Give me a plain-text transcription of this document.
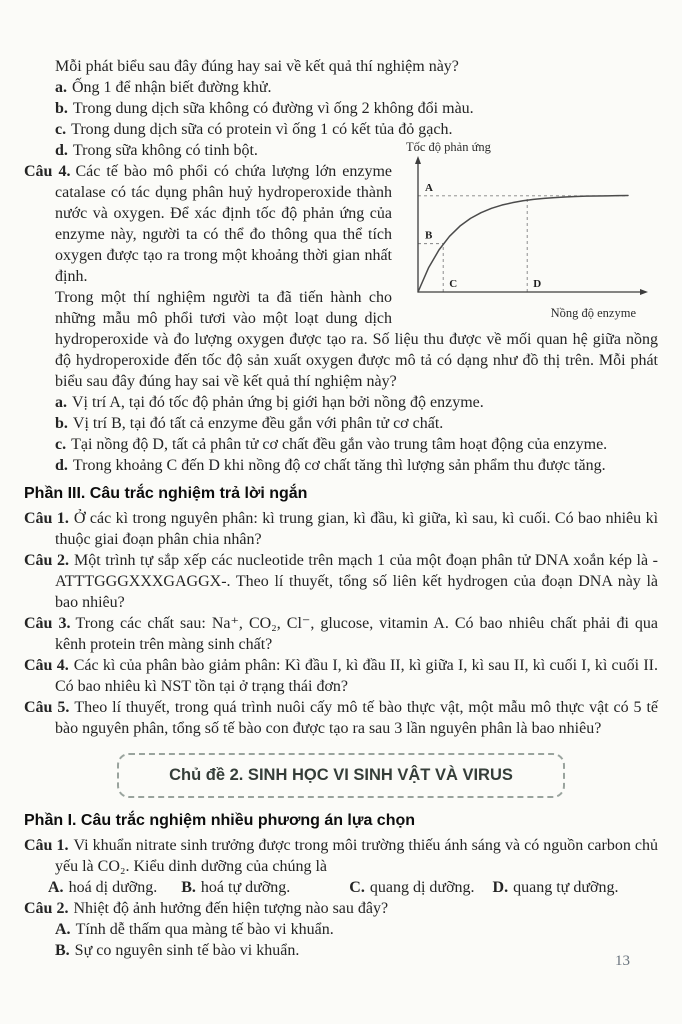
Mỗi phát biểu sau đây đúng hay sai về kết quả thí nghiệm này?
a. Ống 1 để nhận biết đường khử.
b. Trong dung dịch sữa không có đường vì ống 2 không đổi màu.
c. Trong dung dịch sữa có protein vì ống 1 có kết tủa đỏ gạch.
Tốc độ phản ứng
A
B
C	D
Nồng độ enzyme
d. Trong sữa không có tinh bột.

Câu 4. Các tế bào mô phổi có chứa lượng lớn enzyme catalase có tác dụng phân huỷ hydroperoxide thành nước và oxygen. Để xác định tốc độ phản ứng của enzyme này, người ta có thể đo thông qua thể tích oxygen được tạo ra trong một khoảng thời gian nhất định.

Trong một thí nghiệm người ta đã tiến hành cho những mẫu mô phổi tươi vào một loạt dung dịch hydroperoxide và đo lượng oxygen được tạo ra. Số liệu thu được về mối quan hệ giữa nồng độ hydroperoxide đến tốc độ sản xuất oxygen được mô tả có dạng như đồ thị trên. Mỗi phát biểu sau đây đúng hay sai về kết quả thí nghiệm này?

a. Vị trí A, tại đó tốc độ phản ứng bị giới hạn bởi nồng độ enzyme.
b. Vị trí B, tại đó tất cả enzyme đều gắn với phân tử cơ chất.
c. Tại nồng độ D, tất cả phân tử cơ chất đều gắn vào trung tâm hoạt động của enzyme.
d. Trong khoảng C đến D khi nồng độ cơ chất tăng thì lượng sản phẩm thu được tăng.
Phần III. Câu trắc nghiệm trả lời ngắn
Câu 1. Ở các kì trong nguyên phân: kì trung gian, kì đầu, kì giữa, kì sau, kì cuối. Có bao nhiêu kì thuộc giai đoạn phân chia nhân?
Câu 2. Một trình tự sắp xếp các nucleotide trên mạch 1 của một đoạn phân tử DNA xoắn kép là -ATTTGGGXXXGAGGX-. Theo lí thuyết, tổng số liên kết hydrogen của đoạn DNA này là bao nhiêu?
Câu 3. Trong các chất sau: Na⁺, CO₂, Cl⁻, glucose, vitamin A. Có bao nhiêu chất phải đi qua kênh protein trên màng sinh chất?
Câu 4. Các kì của phân bào giảm phân: Kì đầu I, kì đầu II, kì giữa I, kì sau II, kì cuối I, kì cuối II. Có bao nhiêu kì NST tồn tại ở trạng thái đơn?
Câu 5. Theo lí thuyết, trong quá trình nuôi cấy mô tế bào thực vật, một mẫu mô thực vật có 5 tế bào nguyên phân, tổng số tế bào con được tạo ra sau 3 lần nguyên phân là bao nhiêu?
Chủ đề 2. SINH HỌC VI SINH VẬT VÀ VIRUS
Phần I. Câu trắc nghiệm nhiều phương án lựa chọn
Câu 1. Vi khuẩn nitrate sinh trưởng được trong môi trường thiếu ánh sáng và có nguồn carbon chủ yếu là CO₂. Kiểu dinh dưỡng của chúng là
A. hoá dị dưỡng. B. hoá tự dưỡng.	C. quang dị dưỡng. D. quang tự dưỡng.
Câu 2. Nhiệt độ ảnh hưởng đến hiện tượng nào sau đây?
A. Tính dễ thấm qua màng tế bào vi khuẩn.
B. Sự co nguyên sinh tế bào vi khuẩn.
13
